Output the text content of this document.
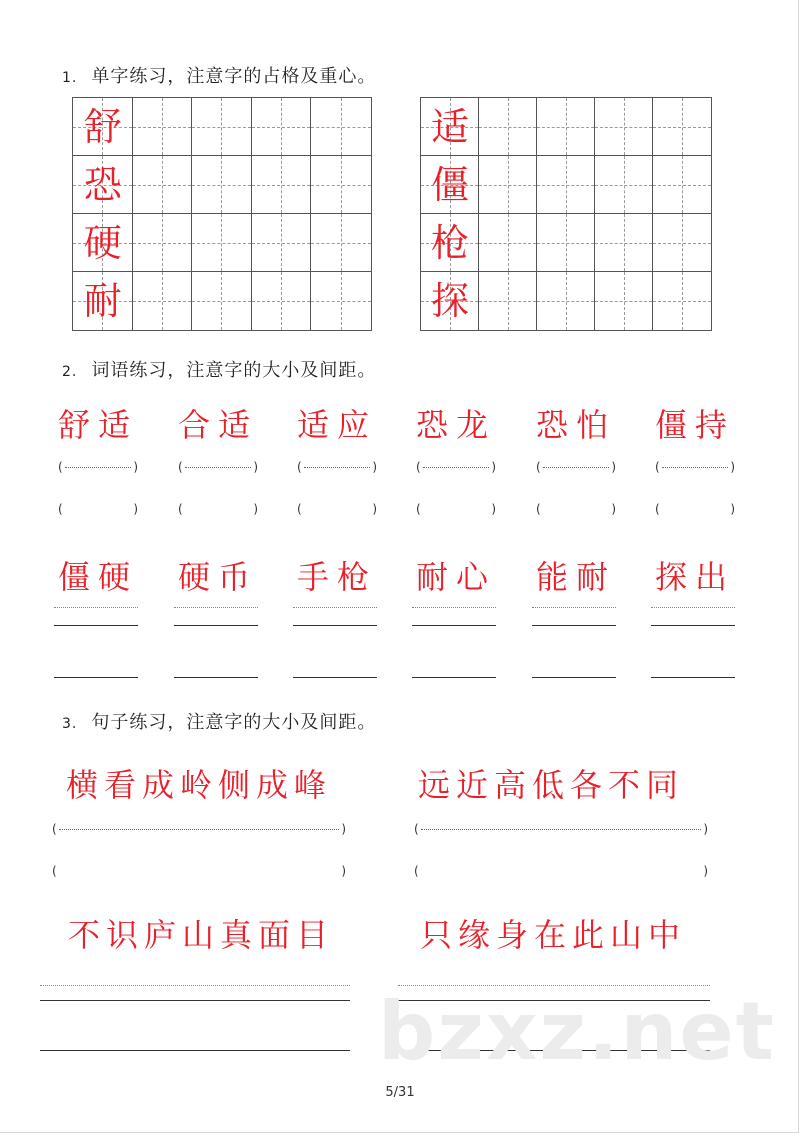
1. 单字练习，注意字的占格及重心。
舒
恐
硬
耐
适
僵
枪
探
2. 词语练习，注意字的大小及间距。
舒适
(	)
(	)
合适
(	)
(	)
适应
(	)
(	)
恐龙
(	)
(	)
恐怕
(	)
(	)
僵持
(	)
(	)
僵硬 硬币 手枪 耐心 能耐 探出
3. 句子练习，注意字的大小及间距。
横看成岭侧成峰	远近高低各不同
(	)	(	)
(	)	(	)
不识庐山真面目	只缘身在此山中
bzxz.net
5/31
